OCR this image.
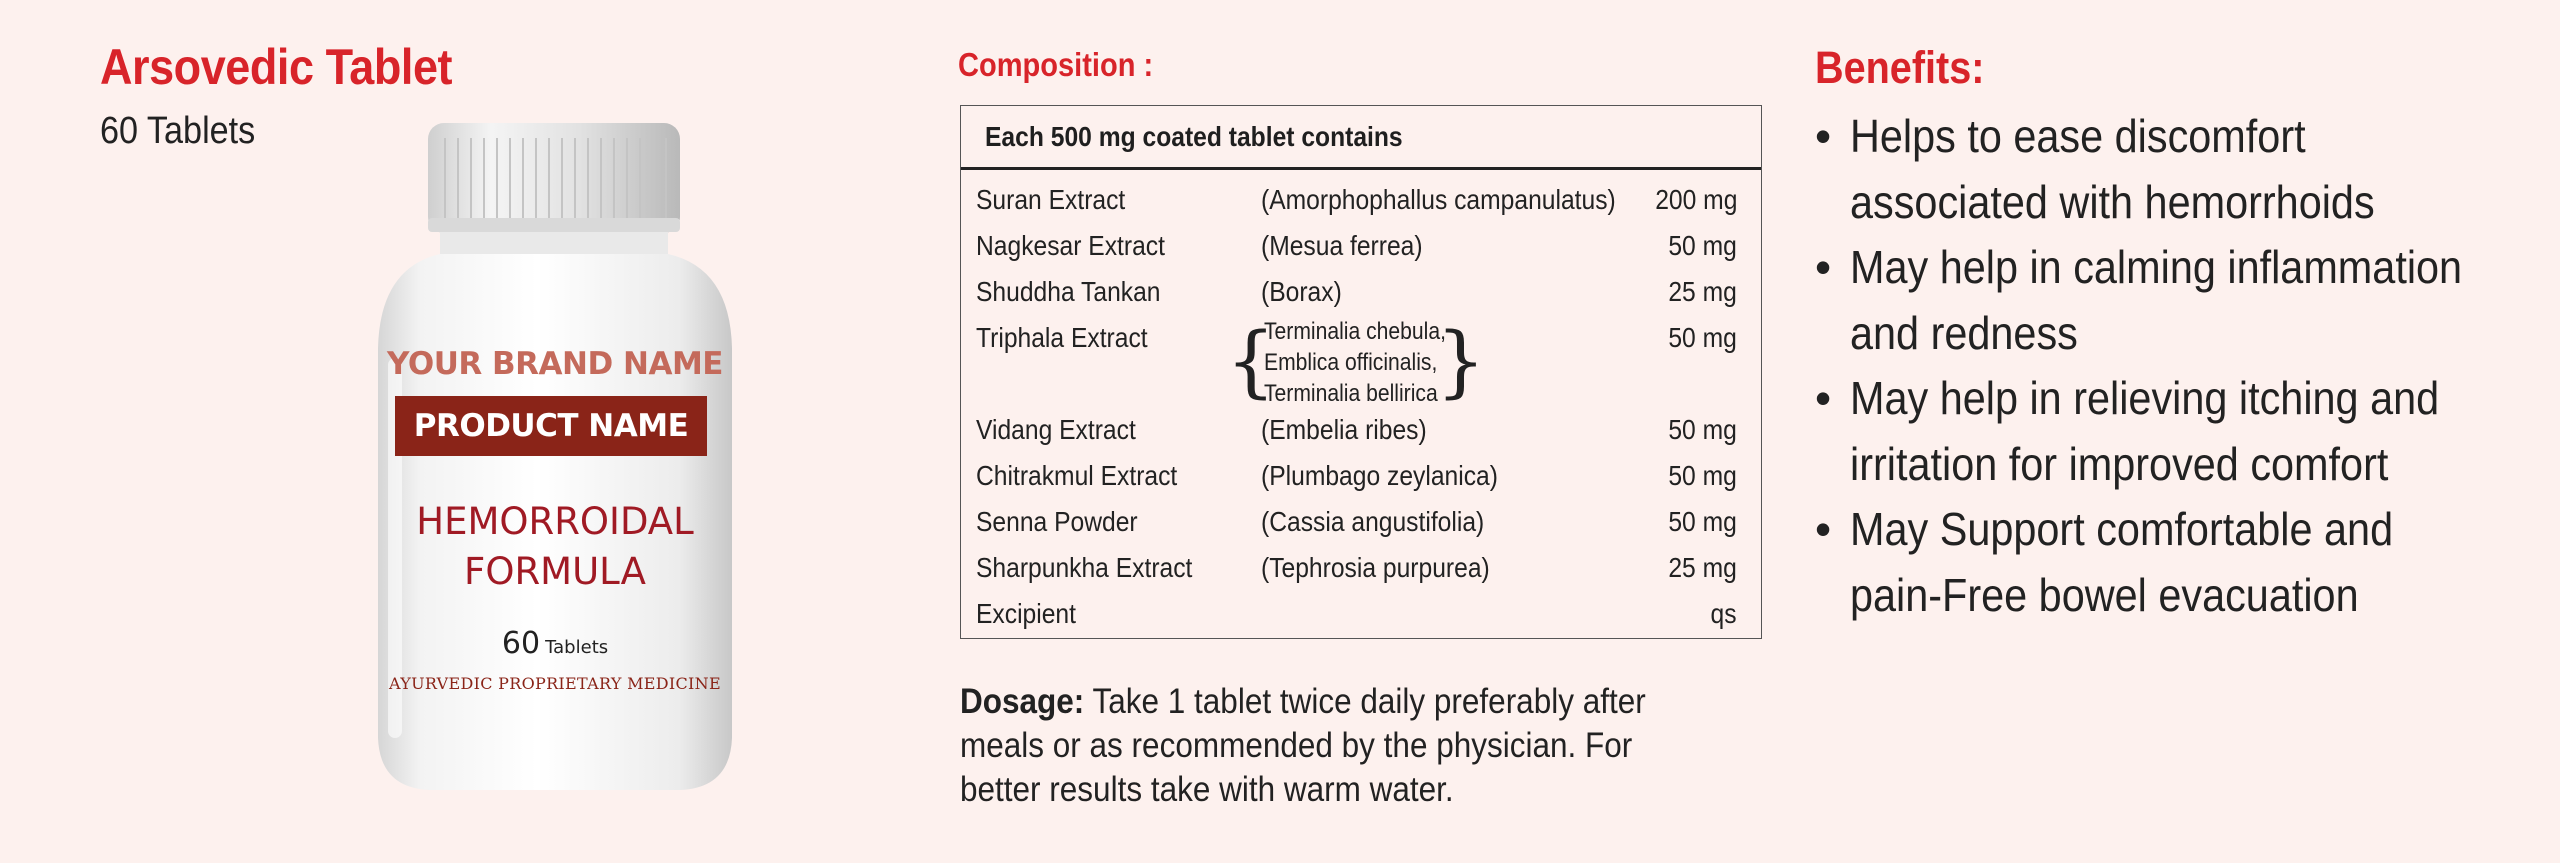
Arsovedic Tablet
60 Tablets
YOUR BRAND NAME
PRODUCT NAME
HEMORROIDAL
FORMULA
60 Tablets
AYURVEDIC PROPRIETARY MEDICINE
Composition :
Each 500 mg coated tablet contains
Suran Extract	(Amorphophallus campanulatus) 200 mg
Nagkesar Extract	(Mesua ferrea)	50 mg
Shuddha Tankan	(Borax)	25 mg
Triphala Extract {
Terminalia chebula,
Emblica officinalis,
Terminalia bellirica
}	50 mg
Vidang Extract	(Embelia ribes)	50 mg
Chitrakmul Extract	(Plumbago zeylanica)	50 mg
Senna Powder	(Cassia angustifolia)	50 mg
Sharpunkha Extract (Tephrosia purpurea)	25 mg
Excipient	qs
Dosage: Take 1 tablet twice daily preferably after meals or as recommended by the physician. For better results take with warm water.
Benefits:
• Helps to ease discomfort associated with hemorrhoids
• May help in calming inflammation and redness
• May help in relieving itching and irritation for improved comfort
• May Support comfortable and pain-Free bowel evacuation
